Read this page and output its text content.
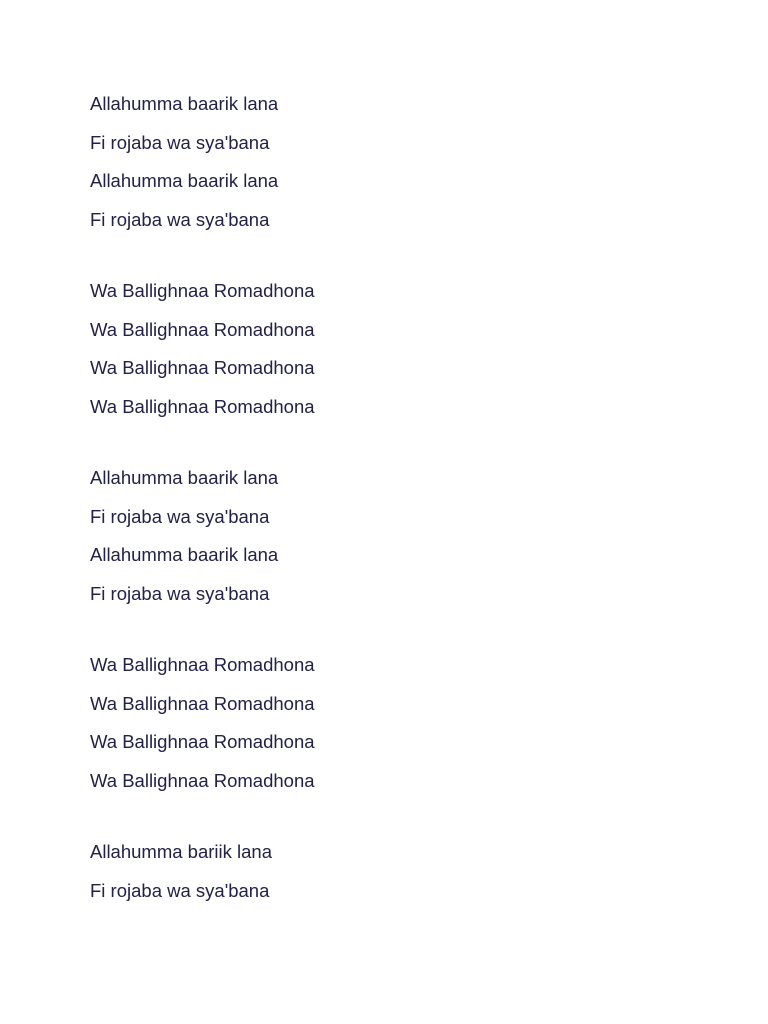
Allahumma baarik lana
Fi rojaba wa sya'bana
Allahumma baarik lana
Fi rojaba wa sya'bana
Wa Ballighnaa Romadhona
Wa Ballighnaa Romadhona
Wa Ballighnaa Romadhona
Wa Ballighnaa Romadhona
Allahumma baarik lana
Fi rojaba wa sya'bana
Allahumma baarik lana
Fi rojaba wa sya'bana
Wa Ballighnaa Romadhona
Wa Ballighnaa Romadhona
Wa Ballighnaa Romadhona
Wa Ballighnaa Romadhona
Allahumma bariik lana
Fi rojaba wa sya'bana
